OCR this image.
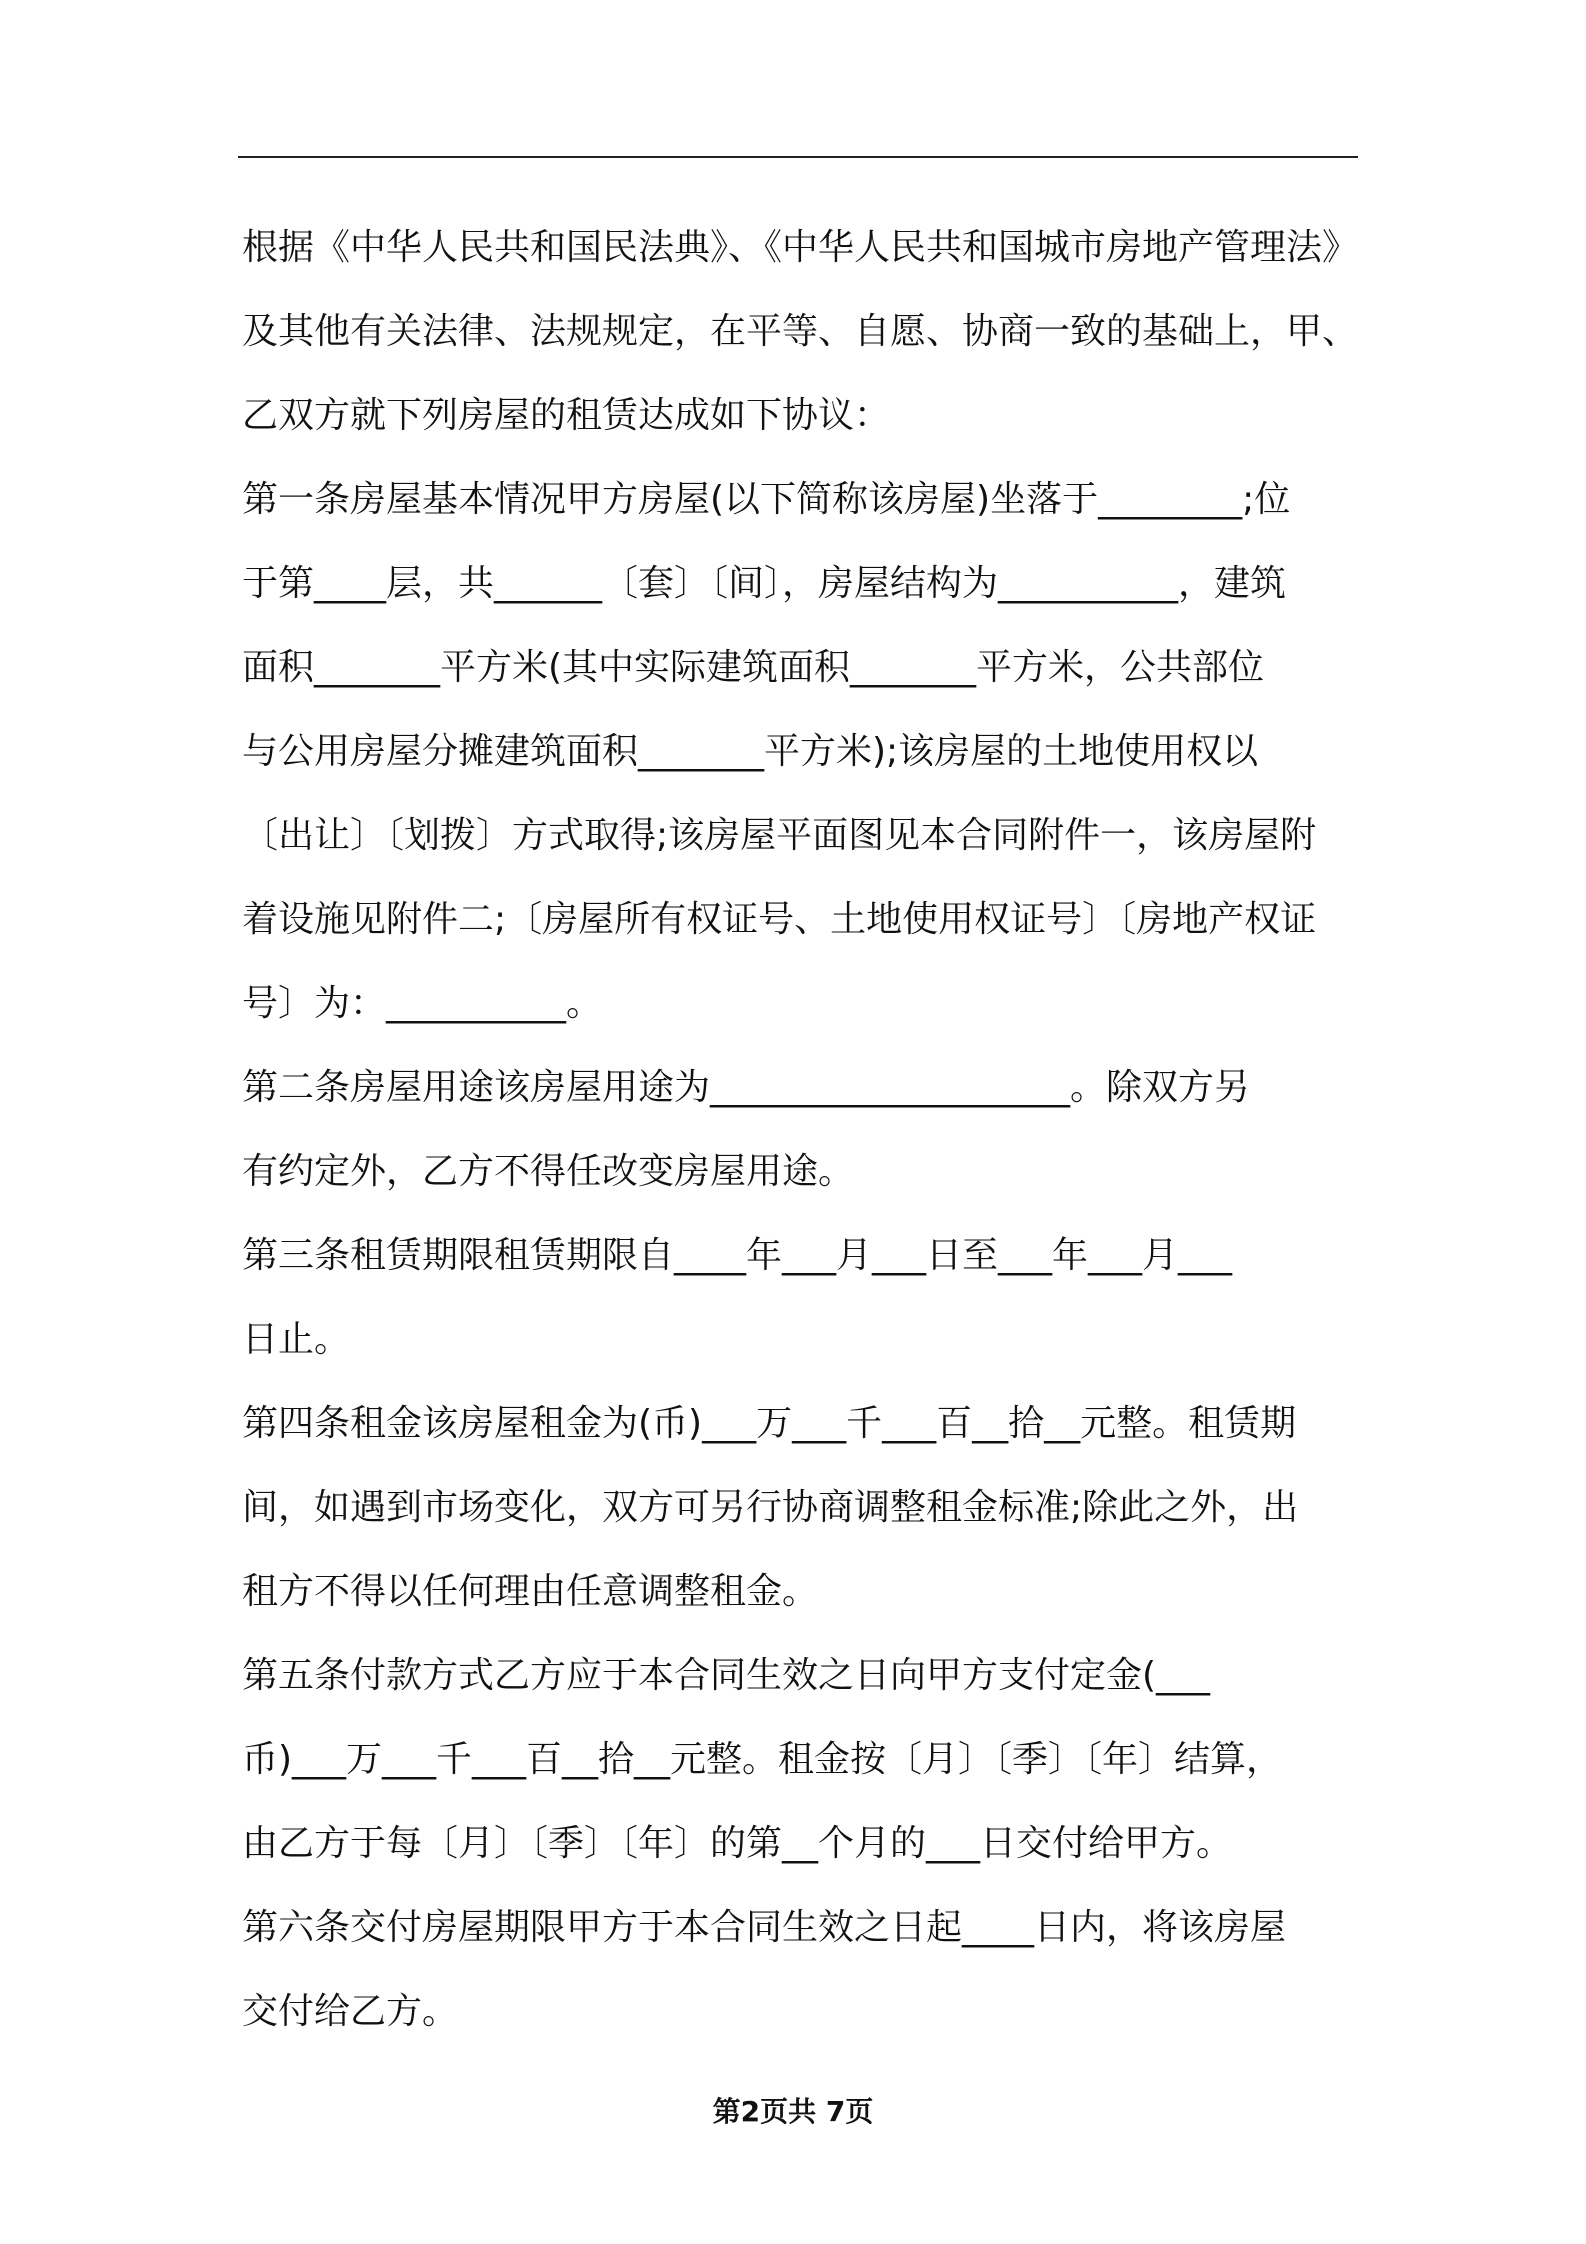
根据《中华人民共和国民法典》、《中华人民共和国城市房地产管理法》
及其他有关法律、法规规定，在平等、自愿、协商一致的基础上，甲、
乙双方就下列房屋的租赁达成如下协议：
第一条房屋基本情况甲方房屋(以下简称该房屋)坐落于________;位
于第____层，共______〔套〕〔间〕，房屋结构为__________，建筑
面积_______平方米(其中实际建筑面积_______平方米，公共部位
与公用房屋分摊建筑面积_______平方米);该房屋的土地使用权以
〔出让〕〔划拨〕方式取得;该房屋平面图见本合同附件一，该房屋附
着设施见附件二;〔房屋所有权证号、土地使用权证号〕〔房地产权证
号〕为：__________。
第二条房屋用途该房屋用途为____________________。除双方另
有约定外，乙方不得任改变房屋用途。
第三条租赁期限租赁期限自____年___月___日至___年___月___
日止。
第四条租金该房屋租金为(币)___万___千___百__拾__元整。租赁期
间，如遇到市场变化，双方可另行协商调整租金标准;除此之外，出
租方不得以任何理由任意调整租金。
第五条付款方式乙方应于本合同生效之日向甲方支付定金(___
币)___万___千___百__拾__元整。租金按〔月〕〔季〕〔年〕结算，
由乙方于每〔月〕〔季〕〔年〕的第__个月的___日交付给甲方。
第六条交付房屋期限甲方于本合同生效之日起____日内，将该房屋
交付给乙方。
第2页共 7页
